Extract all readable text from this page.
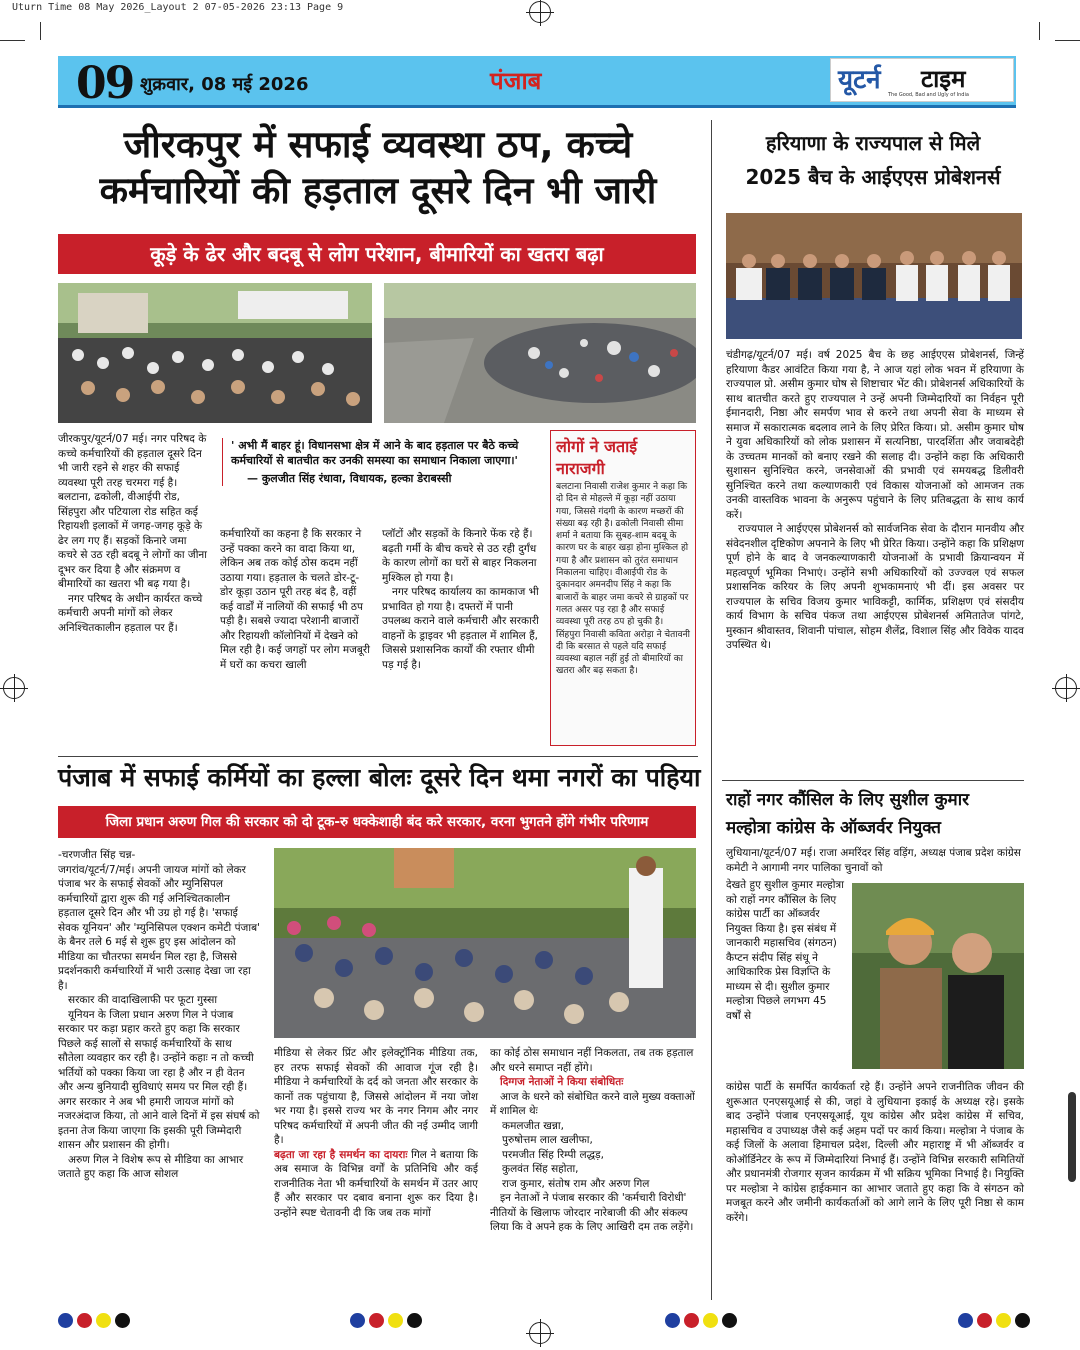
Uturn Time 08 May 2026_Layout 2 07-05-2026 23:13 Page 9
09 शुक्रवार, 08 मई 2026	पंजाब	यूटर्न टाइम
The Good, Bad and Ugly of India
जीरकपुर में सफाई व्यवस्था ठप, कच्चे
कर्मचारियों की हड़ताल दूसरे दिन भी जारी
कूड़े के ढेर और बदबू से लोग परेशान, बीमारियों का खतरा बढ़ा

जीरकपुर/यूटर्न/07 मई। नगर परिषद के कच्चे कर्मचारियों की हड़ताल दूसरे दिन भी जारी रहने से शहर की सफाई व्यवस्था पूरी तरह चरमरा गई है। बलटाना, ढकोली, वीआईपी रोड, सिंहपुरा और पटियाला रोड सहित कई रिहायशी इलाकों में जगह-जगह कूड़े के ढेर लग गए हैं। सड़कों किनारे जमा कचरे से उठ रही बदबू ने लोगों का जीना दूभर कर दिया है और संक्रमण व बीमारियों का खतरा भी बढ़ गया है।

नगर परिषद के अधीन कार्यरत कच्चे कर्मचारी अपनी मांगों को लेकर अनिश्चितकालीन हड़ताल पर हैं।

' अभी मैं बाहर हूं। विधानसभा क्षेत्र में आने के बाद हड़ताल पर बैठे कच्चे कर्मचारियों से बातचीत कर उनकी समस्या का समाधान निकाला जाएगा।'
— कुलजीत सिंह रंधावा, विधायक, हल्का डेराबस्सी

कर्मचारियों का कहना है कि सरकार ने उन्हें पक्का करने का वादा किया था, लेकिन अब तक कोई ठोस कदम नहीं उठाया गया। हड़ताल के चलते डोर-टू-डोर कूड़ा उठान पूरी तरह बंद है, वहीं कई वार्डों में नालियों की सफाई भी ठप पड़ी है। सबसे ज्यादा परेशानी बाजारों और रिहायशी कॉलोनियों में देखने को मिल रही है। कई जगहों पर लोग मजबूरी में घरों का कचरा खाली

प्लॉटों और सड़कों के किनारे फेंक रहे हैं। बढ़ती गर्मी के बीच कचरे से उठ रही दुर्गंध के कारण लोगों का घरों से बाहर निकलना मुश्किल हो गया है।

नगर परिषद कार्यालय का कामकाज भी प्रभावित हो गया है। दफ्तरों में पानी उपलब्ध कराने वाले कर्मचारी और सरकारी वाहनों के ड्राइवर भी हड़ताल में शामिल हैं, जिससे प्रशासनिक कार्यों की रफ्तार धीमी पड़ गई है।

लोगों ने जताई नाराजगी
बलटाना निवासी राजेश कुमार ने कहा कि दो दिन से मोहल्ले में कूड़ा नहीं उठाया गया, जिससे गंदगी के कारण मच्छरों की संख्या बढ़ रही है। ढकोली निवासी सीमा शर्मा ने बताया कि सुबह-शाम बदबू के कारण घर के बाहर खड़ा होना मुश्किल हो गया है और प्रशासन को तुरंत समाधान निकालना चाहिए। वीआईपी रोड के दुकानदार अमनदीप सिंह ने कहा कि बाजारों के बाहर जमा कचरे से ग्राहकों पर गलत असर पड़ रहा है और सफाई व्यवस्था पूरी तरह ठप हो चुकी है। सिंहपुरा निवासी कविता अरोड़ा ने चेतावनी दी कि बरसात से पहले यदि सफाई व्यवस्था बहाल नहीं हुई तो बीमारियों का खतरा और बढ़ सकता है।
पंजाब में सफाई कर्मियों का हल्ला बोलः दूसरे दिन थमा नगरों का पहिया
जिला प्रधान अरुण गिल की सरकार को दो टूक-रु धक्केशाही बंद करे सरकार, वरना भुगतने होंगे गंभीर परिणाम

-चरणजीत सिंह चन्न-

जगरांव/यूटर्न/7/मई। अपनी जायज मांगों को लेकर पंजाब भर के सफाई सेवकों और म्युनिसिपल कर्मचारियों द्वारा शुरू की गई अनिश्चितकालीन हड़ताल दूसरे दिन और भी उग्र हो गई है। 'सफाई सेवक यूनियन' और 'म्युनिसिपल एक्शन कमेटी पंजाब' के बैनर तले 6 मई से शुरू हुए इस आंदोलन को मीडिया का चौतरफा समर्थन मिल रहा है, जिससे प्रदर्शनकारी कर्मचारियों में भारी उत्साह देखा जा रहा है।

सरकार की वादाखिलाफी पर फूटा गुस्सा

यूनियन के जिला प्रधान अरुण गिल ने पंजाब सरकार पर कड़ा प्रहार करते हुए कहा कि सरकार पिछले कई सालों से सफाई कर्मचारियों के साथ सौतेला व्यवहार कर रही है। उन्होंने कहाः न तो कच्ची भर्तियों को पक्का किया जा रहा है और न ही वेतन और अन्य बुनियादी सुविधाएं समय पर मिल रही हैं। अगर सरकार ने अब भी हमारी जायज मांगों को नजरअंदाज किया, तो आने वाले दिनों में इस संघर्ष को इतना तेज किया जाएगा कि इसकी पूरी जिम्मेदारी शासन और प्रशासन की होगी।

अरुण गिल ने विशेष रूप से मीडिया का आभार जताते हुए कहा कि आज सोशल

मीडिया से लेकर प्रिंट और इलेक्ट्रॉनिक मीडिया तक, हर तरफ सफाई सेवकों की आवाज गूंज रही है। मीडिया ने कर्मचारियों के दर्द को जनता और सरकार के कानों तक पहुंचाया है, जिससे आंदोलन में नया जोश भर गया है। इससे राज्य भर के नगर निगम और नगर परिषद कर्मचारियों में अपनी जीत की नई उम्मीद जागी है।

बढ़ता जा रहा है समर्थन का दायराः गिल ने बताया कि अब समाज के विभिन्न वर्गों के प्रतिनिधि और कई राजनीतिक नेता भी कर्मचारियों के समर्थन में उतर आए हैं और सरकार पर दबाव बनाना शुरू कर दिया है। उन्होंने स्पष्ट चेतावनी दी कि जब तक मांगों

का कोई ठोस समाधान नहीं निकलता, तब तक हड़ताल और धरने समाप्त नहीं होंगे।

दिग्गज नेताओं ने किया संबोधितः

आज के धरने को संबोधित करने वाले मुख्य वक्ताओं में शामिल थेः

कमलजीत खन्ना,

पुरुषोत्तम लाल खलीफा,

परमजीत सिंह रिम्पी लद्धड़,

कुलवंत सिंह सहोता,

राज कुमार, संतोष राम और अरुण गिल

इन नेताओं ने पंजाब सरकार की 'कर्मचारी विरोधी' नीतियों के खिलाफ जोरदार नारेबाजी की और संकल्प लिया कि वे अपने हक के लिए आखिरी दम तक लड़ेंगे।

हरियाणा के राज्यपाल से मिले
2025 बैच के आईएएस प्रोबेशनर्स

चंडीगढ़/यूटर्न/07 मई। वर्ष 2025 बैच के छह आईएएस प्रोबेशनर्स, जिन्हें हरियाणा कैडर आवंटित किया गया है, ने आज यहां लोक भवन में हरियाणा के राज्यपाल प्रो. असीम कुमार घोष से शिष्टाचार भेंट की। प्रोबेशनर्स अधिकारियों के साथ बातचीत करते हुए राज्यपाल ने उन्हें अपनी जिम्मेदारियों का निर्वहन पूरी ईमानदारी, निष्ठा और समर्पण भाव से करने तथा अपनी सेवा के माध्यम से समाज में सकारात्मक बदलाव लाने के लिए प्रेरित किया। प्रो. असीम कुमार घोष ने युवा अधिकारियों को लोक प्रशासन में सत्यनिष्ठा, पारदर्शिता और जवाबदेही के उच्चतम मानकों को बनाए रखने की सलाह दी। उन्होंने कहा कि अधिकारी सुशासन सुनिश्चित करने, जनसेवाओं की प्रभावी एवं समयबद्ध डिलीवरी सुनिश्चित करने तथा कल्याणकारी एवं विकास योजनाओं को आमजन तक उनकी वास्तविक भावना के अनुरूप पहुंचाने के लिए प्रतिबद्धता के साथ कार्य करें।

राज्यपाल ने आईएएस प्रोबेशनर्स को सार्वजनिक सेवा के दौरान मानवीय और संवेदनशील दृष्टिकोण अपनाने के लिए भी प्रेरित किया। उन्होंने कहा कि प्रशिक्षण पूर्ण होने के बाद वे जनकल्याणकारी योजनाओं के प्रभावी क्रियान्वयन में महत्वपूर्ण भूमिका निभाएं। उन्होंने सभी अधिकारियों को उज्ज्वल एवं सफल प्रशासनिक करियर के लिए अपनी शुभकामनाएं भी दीं। इस अवसर पर राज्यपाल के सचिव विजय कुमार भाविकट्टी, कार्मिक, प्रशिक्षण एवं संसदीय कार्य विभाग के सचिव पंकज तथा आईएएस प्रोबेशनर्स अमितातेज पांगटे, मुस्कान श्रीवास्तव, शिवानी पांचाल, सोहम शैलेंद्र, विशाल सिंह और विवेक यादव उपस्थित थे।

राहों नगर कौंसिल के लिए सुशील कुमार
मल्होत्रा कांग्रेस के ऑब्जर्वर नियुक्त
लुधियाना/यूटर्न/07 मई। राजा अमरिंदर सिंह वड़िंग, अध्यक्ष पंजाब प्रदेश कांग्रेस कमेटी ने आगामी नगर पालिका चुनावों को
देखते हुए सुशील कुमार मल्होत्रा को राहों नगर कौंसिल के लिए कांग्रेस पार्टी का ऑब्जर्वर नियुक्त किया है। इस संबंध में जानकारी महासचिव (संगठन) कैप्टन संदीप सिंह संधू ने आधिकारिक प्रेस विज्ञप्ति के माध्यम से दी। सुशील कुमार मल्होत्रा पिछले लगभग 45 वर्षों से
कांग्रेस पार्टी के समर्पित कार्यकर्ता रहे हैं। उन्होंने अपने राजनीतिक जीवन की शुरूआत एनएसयूआई से की, जहां वे लुधियाना इकाई के अध्यक्ष रहे। इसके बाद उन्होंने पंजाब एनएसयूआई, यूथ कांग्रेस और प्रदेश कांग्रेस में सचिव, महासचिव व उपाध्यक्ष जैसे कई अहम पदों पर कार्य किया। मल्होत्रा ने पंजाब के कई जिलों के अलावा हिमाचल प्रदेश, दिल्ली और महाराष्ट्र में भी ऑब्जर्वर व कोऑर्डिनेटर के रूप में जिम्मेदारियां निभाई हैं। उन्होंने विभिन्न सरकारी समितियों और प्रधानमंत्री रोजगार सृजन कार्यक्रम में भी सक्रिय भूमिका निभाई है। नियुक्ति पर मल्होत्रा ने कांग्रेस हाईकमान का आभार जताते हुए कहा कि वे संगठन को मजबूत करने और जमीनी कार्यकर्ताओं को आगे लाने के लिए पूरी निष्ठा से काम करेंगे।
